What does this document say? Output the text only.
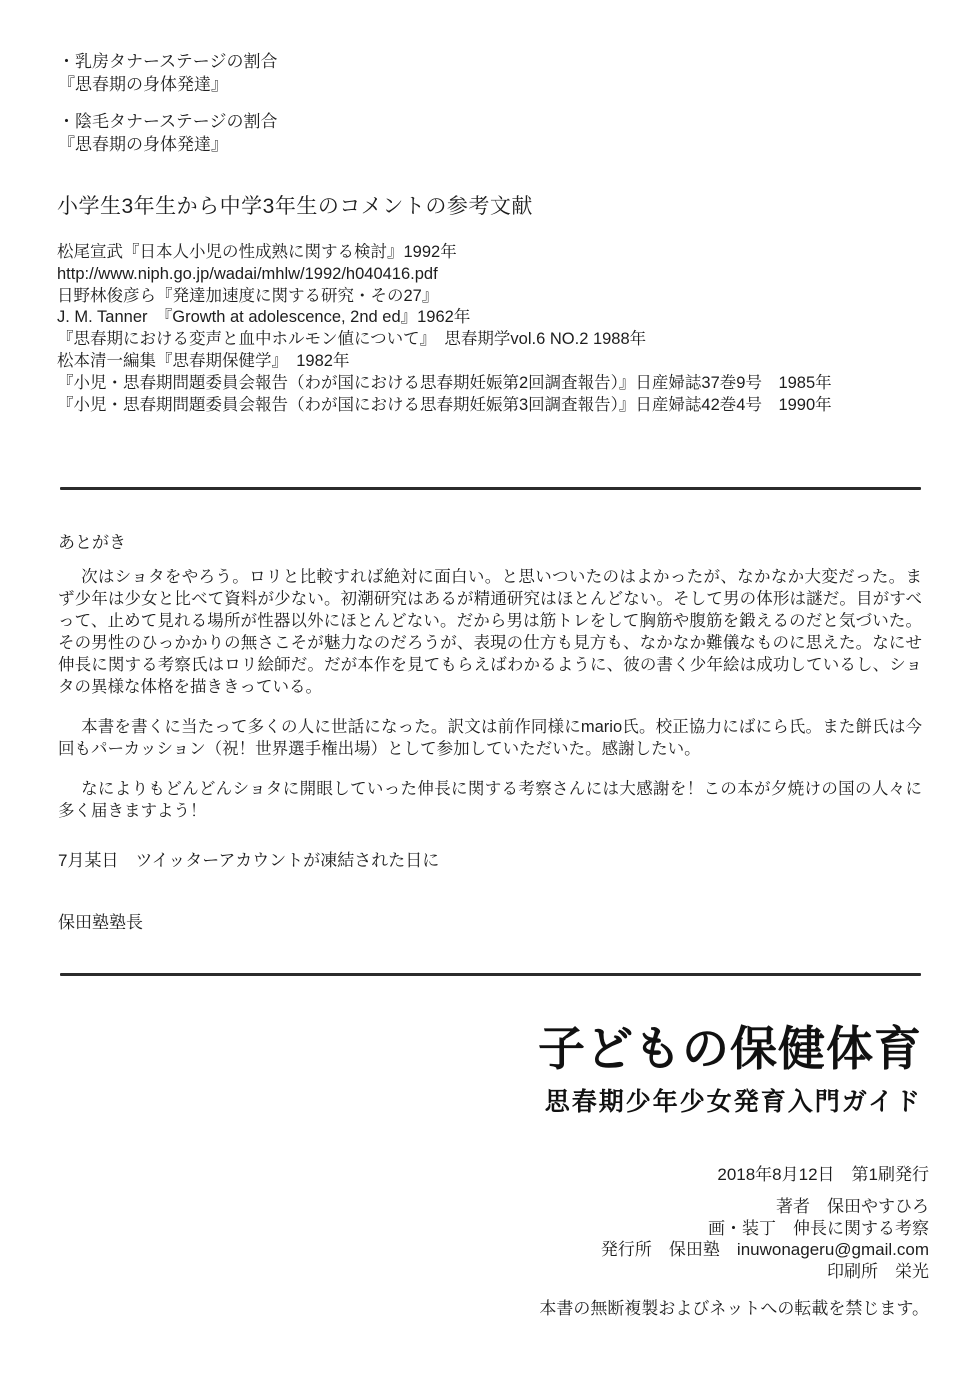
・乳房タナーステージの割合
『思春期の身体発達』
・陰毛タナーステージの割合
『思春期の身体発達』
小学生3年生から中学3年生のコメントの参考文献
松尾宣武『日本人小児の性成熟に関する検討』1992年
http://www.niph.go.jp/wadai/mhlw/1992/h040416.pdf
日野林俊彦ら『発達加速度に関する研究・その27』
J. M. Tanner　『Growth at adolescence, 2nd ed』1962年
『思春期における変声と血中ホルモン値について』　思春期学vol.6 NO.2 1988年
松本清一編集『思春期保健学』　1982年
『小児・思春期問題委員会報告（わが国における思春期妊娠第2回調査報告）』日産婦誌37巻9号　1985年
『小児・思春期問題委員会報告（わが国における思春期妊娠第3回調査報告）』日産婦誌42巻4号　1990年
あとがき

次はショタをやろう。ロリと比較すれば絶対に面白い。と思いついたのはよかったが、なかなか大変だった。まず少年は少女と比べて資料が少ない。初潮研究はあるが精通研究はほとんどない。そして男の体形は謎だ。目がすべって、止めて見れる場所が性器以外にほとんどない。だから男は筋トレをして胸筋や腹筋を鍛えるのだと気づいた。その男性のひっかかりの無さこそが魅力なのだろうが、表現の仕方も見方も、なかなか難儀なものに思えた。なにせ伸長に関する考察氏はロリ絵師だ。だが本作を見てもらえばわかるように、彼の書く少年絵は成功しているし、ショタの異様な体格を描ききっている。

本書を書くに当たって多くの人に世話になった。訳文は前作同様にmario氏。校正協力にばにら氏。また餅氏は今回もパーカッション（祝！世界選手権出場）として参加していただいた。感謝したい。

なによりもどんどんショタに開眼していった伸長に関する考察さんには大感謝を！この本が夕焼けの国の人々に多く届きますよう！

7月某日　ツイッターアカウントが凍結された日に
保田塾塾長
子どもの保健体育
思春期少年少女発育入門ガイド
2018年8月12日　第1刷発行
著者　保田やすひろ
画・装丁　伸長に関する考察
発行所　保田塾　inuwonageru@gmail.com
印刷所　栄光
本書の無断複製およびネットへの転載を禁じます。
